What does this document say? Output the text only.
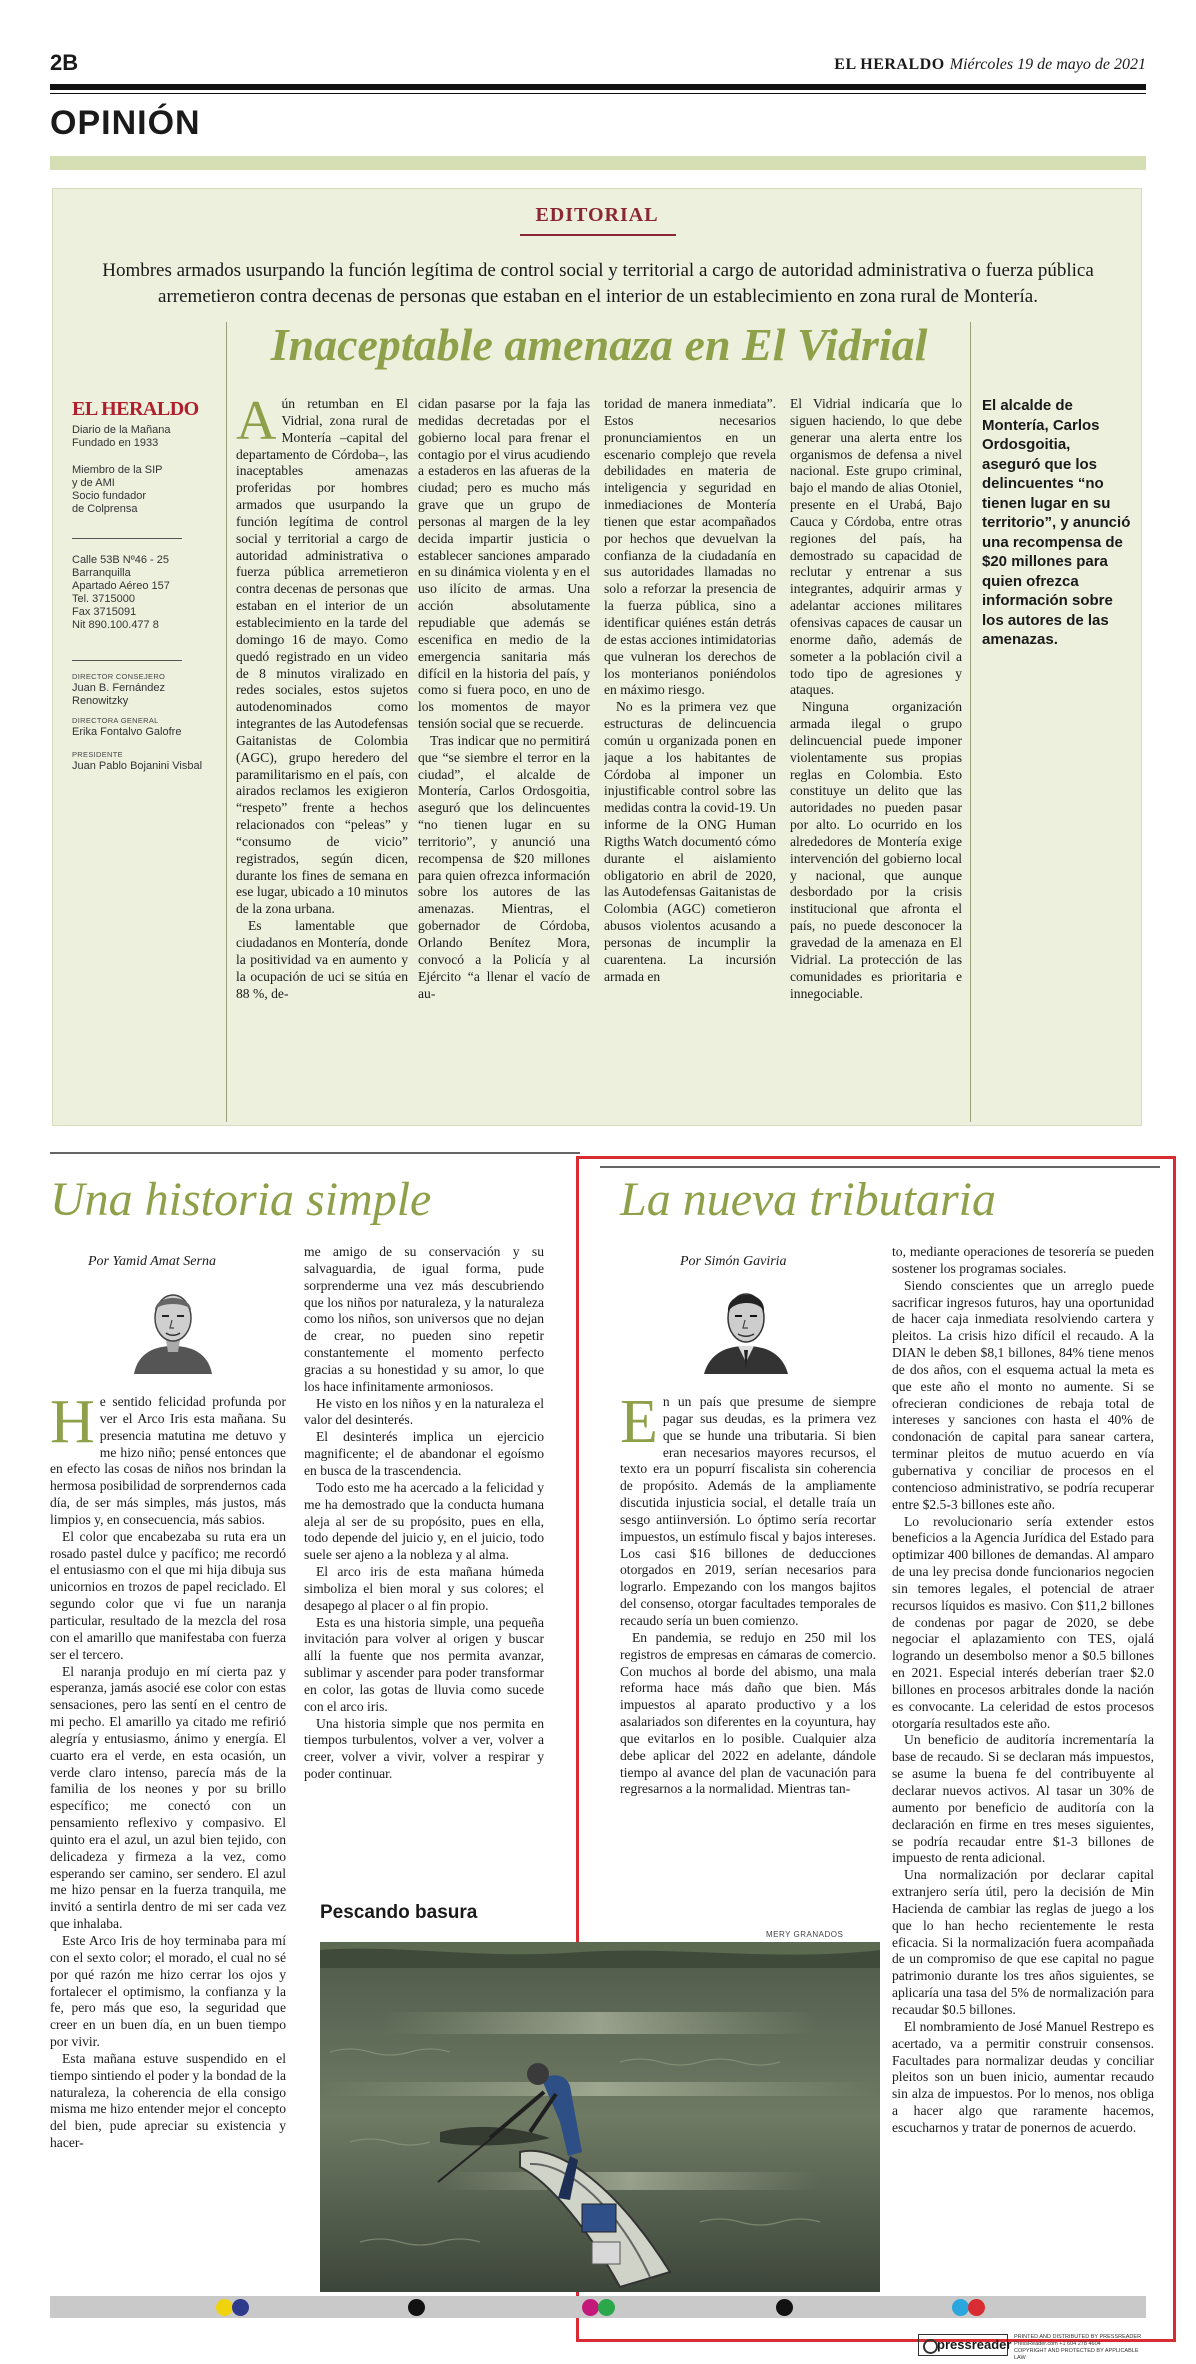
2B	EL HERALDO Miércoles 19 de mayo de 2021
OPINIÓN
EDITORIAL
Hombres armados usurpando la función legítima de control social y territorial a cargo de autoridad administrativa o fuerza pública arremetieron contra decenas de personas que estaban en el interior de un establecimiento en zona rural de Montería.
Inaceptable amenaza en El Vidrial
EL HERALDO
Diario de la Mañana
Fundado en 1933
Miembro de la SIP
y de AMI
Socio fundador
de Colprensa
Calle 53B Nº46 - 25
Barranquilla
Apartado Aéreo 157
Tel. 3715000
Fax 3715091
Nit 890.100.477 8
DIRECTOR CONSEJERO
Juan B. Fernández Renowitzky
DIRECTORA GENERAL
Erika Fontalvo Galofre
PRESIDENTE
Juan Pablo Bojanini Visbal

Aún retumban en El Vidrial, zona rural de Montería –capital del departamento de Córdoba–, las inaceptables amenazas proferidas por hombres armados que usurpando la función legítima de control social y territorial a cargo de autoridad administrativa o fuerza pública arremetieron contra decenas de personas que estaban en el interior de un establecimiento en la tarde del domingo 16 de mayo. Como quedó registrado en un video de 8 minutos viralizado en redes sociales, estos sujetos autodenominados como integrantes de las Autodefensas Gaitanistas de Colombia (AGC), grupo heredero del paramilitarismo en el país, con airados reclamos les exigieron “respeto” frente a hechos relacionados con “peleas” y “consumo de vicio” registrados, según dicen, durante los fines de semana en ese lugar, ubicado a 10 minutos de la zona urbana.

Es lamentable que ciudadanos en Montería, donde la positividad va en aumento y la ocupación de uci se sitúa en 88 %, de-

cidan pasarse por la faja las medidas decretadas por el gobierno local para frenar el contagio por el virus acudiendo a estaderos en las afueras de la ciudad; pero es mucho más grave que un grupo de personas al margen de la ley decida impartir justicia o establecer sanciones amparado en su dinámica violenta y en el uso ilícito de armas. Una acción absolutamente repudiable que además se escenifica en medio de la emergencia sanitaria más difícil en la historia del país, y como si fuera poco, en uno de los momentos de mayor tensión social que se recuerde.

Tras indicar que no permitirá que “se siembre el terror en la ciudad”, el alcalde de Montería, Carlos Ordosgoitia, aseguró que los delincuentes “no tienen lugar en su territorio”, y anunció una recompensa de $20 millones para quien ofrezca información sobre los autores de las amenazas. Mientras, el gobernador de Córdoba, Orlando Benítez Mora, convocó a la Policía y al Ejército “a llenar el vacío de au-

toridad de manera inmediata”. Estos necesarios pronunciamientos en un escenario complejo que revela debilidades en materia de inteligencia y seguridad en inmediaciones de Montería tienen que estar acompañados por hechos que devuelvan la confianza de la ciudadanía en sus autoridades llamadas no solo a reforzar la presencia de la fuerza pública, sino a identificar quiénes están detrás de estas acciones intimidatorias que vulneran los derechos de los monterianos poniéndolos en máximo riesgo.

No es la primera vez que estructuras de delincuencia común u organizada ponen en jaque a los habitantes de Córdoba al imponer un injustificable control sobre las medidas contra la covid-19. Un informe de la ONG Human Rigths Watch documentó cómo durante el aislamiento obligatorio en abril de 2020, las Autodefensas Gaitanistas de Colombia (AGC) cometieron abusos violentos acusando a personas de incumplir la cuarentena. La incursión armada en

El Vidrial indicaría que lo siguen haciendo, lo que debe generar una alerta entre los organismos de defensa a nivel nacional. Este grupo criminal, bajo el mando de alias Otoniel, presente en el Urabá, Bajo Cauca y Córdoba, entre otras regiones del país, ha demostrado su capacidad de reclutar y entrenar a sus integrantes, adquirir armas y adelantar acciones militares ofensivas capaces de causar un enorme daño, además de someter a la población civil a todo tipo de agresiones y ataques.

Ninguna organización armada ilegal o grupo delincuencial puede imponer violentamente sus propias reglas en Colombia. Esto constituye un delito que las autoridades no pueden pasar por alto. Lo ocurrido en los alrededores de Montería exige intervención del gobierno local y nacional, que aunque desbordado por la crisis institucional que afronta el país, no puede desconocer la gravedad de la amenaza en El Vidrial. La protección de las comunidades es prioritaria e innegociable.

El alcalde de Montería, Carlos Ordosgoitia, aseguró que los delincuentes “no tienen lugar en su territorio”, y anunció una recompensa de $20 millones para quien ofrezca información sobre los autores de las amenazas.
Una historia simple
Por Yamid Amat Serna

He sentido felicidad profunda por ver el Arco Iris esta mañana. Su presencia matutina me detuvo y me hizo niño; pensé entonces que en efecto las cosas de niños nos brindan la hermosa posibilidad de sorprendernos cada día, de ser más simples, más justos, más limpios y, en consecuencia, más sabios.

El color que encabezaba su ruta era un rosado pastel dulce y pacífico; me recordó el entusiasmo con el que mi hija dibuja sus unicornios en trozos de papel reciclado. El segundo color que vi fue un naranja particular, resultado de la mezcla del rosa con el amarillo que manifestaba con fuerza ser el tercero.

El naranja produjo en mí cierta paz y esperanza, jamás asocié ese color con estas sensaciones, pero las sentí en el centro de mi pecho. El amarillo ya citado me refirió alegría y entusiasmo, ánimo y energía. El cuarto era el verde, en esta ocasión, un verde claro intenso, parecía más de la familia de los neones y por su brillo específico; me conectó con un pensamiento reflexivo y compasivo. El quinto era el azul, un azul bien tejido, con delicadeza y firmeza a la vez, como esperando ser camino, ser sendero. El azul me hizo pensar en la fuerza tranquila, me invitó a sentirla dentro de mi ser cada vez que inhalaba.

Este Arco Iris de hoy terminaba para mí con el sexto color; el morado, el cual no sé por qué razón me hizo cerrar los ojos y fortalecer el optimismo, la confianza y la fe, pero más que eso, la seguridad que creer en un buen día, en un buen tiempo por vivir.

Esta mañana estuve suspendido en el tiempo sintiendo el poder y la bondad de la naturaleza, la coherencia de ella consigo misma me hizo entender mejor el concepto del bien, pude apreciar su existencia y hacer-

me amigo de su conservación y su salvaguardia, de igual forma, pude sorprenderme una vez más descubriendo que los niños por naturaleza, y la naturaleza como los niños, son universos que no dejan de crear, no pueden sino repetir constantemente el momento perfecto gracias a su honestidad y su amor, lo que los hace infinitamente armoniosos.

He visto en los niños y en la naturaleza el valor del desinterés.

El desinterés implica un ejercicio magnificente; el de abandonar el egoísmo en busca de la trascendencia.

Todo esto me ha acercado a la felicidad y me ha demostrado que la conducta humana aleja al ser de su propósito, pues en ella, todo depende del juicio y, en el juicio, todo suele ser ajeno a la nobleza y al alma.

El arco iris de esta mañana húmeda simboliza el bien moral y sus colores; el desapego al placer o al fin propio.

Esta es una historia simple, una pequeña invitación para volver al origen y buscar allí la fuente que nos permita avanzar, sublimar y ascender para poder transformar en color, las gotas de lluvia como sucede con el arco iris.

Una historia simple que nos permita en tiempos turbulentos, volver a ver, volver a creer, volver a vivir, volver a respirar y poder continuar.

La nueva tributaria
Por Simón Gaviria

En un país que presume de siempre pagar sus deudas, es la primera vez que se hunde una tributaria. Si bien eran necesarios mayores recursos, el texto era un popurrí fiscalista sin coherencia de propósito. Además de la ampliamente discutida injusticia social, el detalle traía un sesgo antiinversión. Lo óptimo sería recortar impuestos, un estímulo fiscal y bajos intereses. Los casi $16 billones de deducciones otorgados en 2019, serían necesarios para lograrlo. Empezando con los mangos bajitos del consenso, otorgar facultades temporales de recaudo sería un buen comienzo.

En pandemia, se redujo en 250 mil los registros de empresas en cámaras de comercio. Con muchos al borde del abismo, una mala reforma hace más daño que bien. Más impuestos al aparato productivo y a los asalariados son diferentes en la coyuntura, hay que evitarlos en lo posible. Cualquier alza debe aplicar del 2022 en adelante, dándole tiempo al avance del plan de vacunación para regresarnos a la normalidad. Mientras tan-

to, mediante operaciones de tesorería se pueden sostener los programas sociales.

Siendo conscientes que un arreglo puede sacrificar ingresos futuros, hay una oportunidad de hacer caja inmediata resolviendo cartera y pleitos. La crisis hizo difícil el recaudo. A la DIAN le deben $8,1 billones, 84% tiene menos de dos años, con el esquema actual la meta es que este año el monto no aumente. Si se ofrecieran condiciones de rebaja total de intereses y sanciones con hasta el 40% de condonación de capital para sanear cartera, terminar pleitos de mutuo acuerdo en vía gubernativa y conciliar de procesos en el contencioso administrativo, se podría recuperar entre $2.5-3 billones este año.

Lo revolucionario sería extender estos beneficios a la Agencia Jurídica del Estado para optimizar 400 billones de demandas. Al amparo de una ley precisa donde funcionarios negocien sin temores legales, el potencial de atraer recursos líquidos es masivo. Con $11,2 billones de condenas por pagar de 2020, se debe negociar el aplazamiento con TES, ojalá logrando un desembolso menor a $0.5 billones en 2021. Especial interés deberían traer $2.0 billones en procesos arbitrales donde la nación es convocante. La celeridad de estos procesos otorgaría resultados este año.

Un beneficio de auditoría incrementaría la base de recaudo. Si se declaran más impuestos, se asume la buena fe del contribuyente al declarar nuevos activos. Al tasar un 30% de aumento por beneficio de auditoría con la declaración en firme en tres meses siguientes, se podría recaudar entre $1-3 billones de impuesto de renta adicional.

Una normalización por declarar capital extranjero sería útil, pero la decisión de Min Hacienda de cambiar las reglas de juego a los que lo han hecho recientemente le resta eficacia. Si la normalización fuera acompañada de un compromiso de que ese capital no pague patrimonio durante los tres años siguientes, se aplicaría una tasa del 5% de normalización para recaudar $0.5 billones.

El nombramiento de José Manuel Restrepo es acertado, va a permitir construir consensos. Facultades para normalizar deudas y conciliar pleitos son un buen inicio, aumentar recaudo sin alza de impuestos. Por lo menos, nos obliga a hacer algo que raramente hacemos, escucharnos y tratar de ponernos de acuerdo.

Pescando basura
MERY GRANADOS
pressreader PRINTED AND DISTRIBUTED BY PRESSREADER
PressReader.com +1 604 278 4604
COPYRIGHT AND PROTECTED BY APPLICABLE LAW
